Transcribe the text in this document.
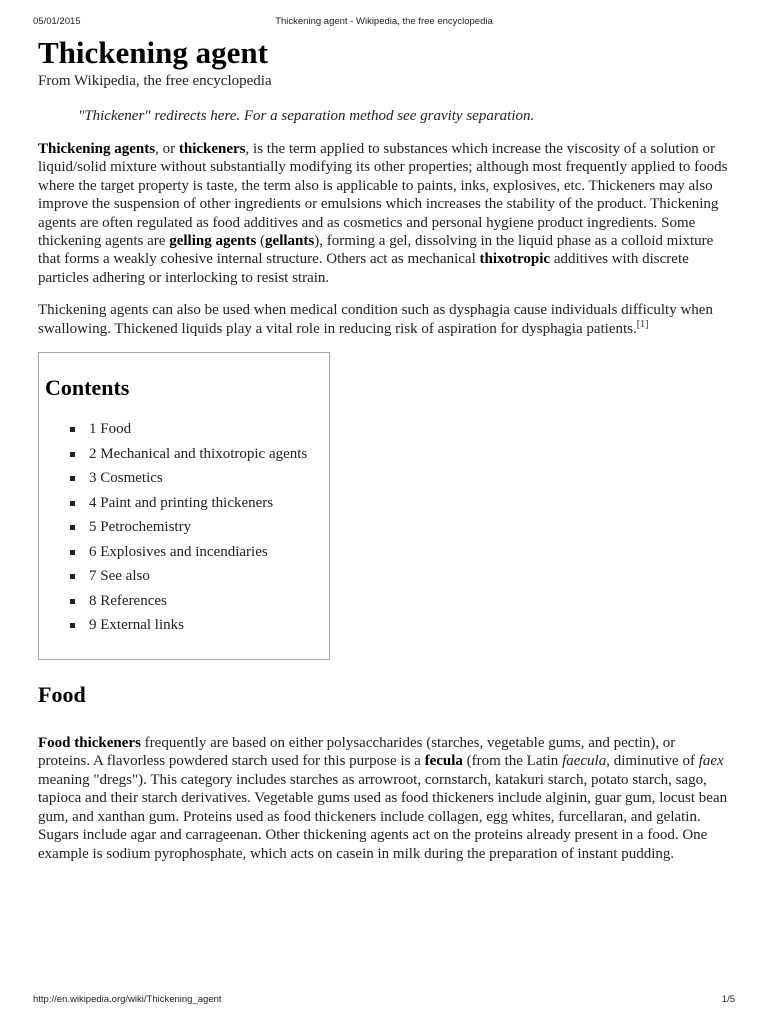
05/01/2015	Thickening agent - Wikipedia, the free encyclopedia
Thickening agent
From Wikipedia, the free encyclopedia
"Thickener" redirects here. For a separation method see gravity separation.

Thickening agents, or thickeners, is the term applied to substances which increase the viscosity of a solution or liquid/solid mixture without substantially modifying its other properties; although most frequently applied to foods where the target property is taste, the term also is applicable to paints, inks, explosives, etc. Thickeners may also improve the suspension of other ingredients or emulsions which increases the stability of the product. Thickening agents are often regulated as food additives and as cosmetics and personal hygiene product ingredients. Some thickening agents are gelling agents (gellants), forming a gel, dissolving in the liquid phase as a colloid mixture that forms a weakly cohesive internal structure. Others act as mechanical thixotropic additives with discrete particles adhering or interlocking to resist strain.

Thickening agents can also be used when medical condition such as dysphagia cause individuals difficulty when swallowing. Thickened liquids play a vital role in reducing risk of aspiration for dysphagia patients.[1]

Contents
1 Food
2 Mechanical and thixotropic agents
3 Cosmetics
4 Paint and printing thickeners
5 Petrochemistry
6 Explosives and incendiaries
7 See also
8 References
9 External links
Food

Food thickeners frequently are based on either polysaccharides (starches, vegetable gums, and pectin), or proteins. A flavorless powdered starch used for this purpose is a fecula (from the Latin faecula, diminutive of faex meaning "dregs"). This category includes starches as arrowroot, cornstarch, katakuri starch, potato starch, sago, tapioca and their starch derivatives. Vegetable gums used as food thickeners include alginin, guar gum, locust bean gum, and xanthan gum. Proteins used as food thickeners include collagen, egg whites, furcellaran, and gelatin. Sugars include agar and carrageenan. Other thickening agents act on the proteins already present in a food. One example is sodium pyrophosphate, which acts on casein in milk during the preparation of instant pudding.

http://en.wikipedia.org/wiki/Thickening_agent	1/5
